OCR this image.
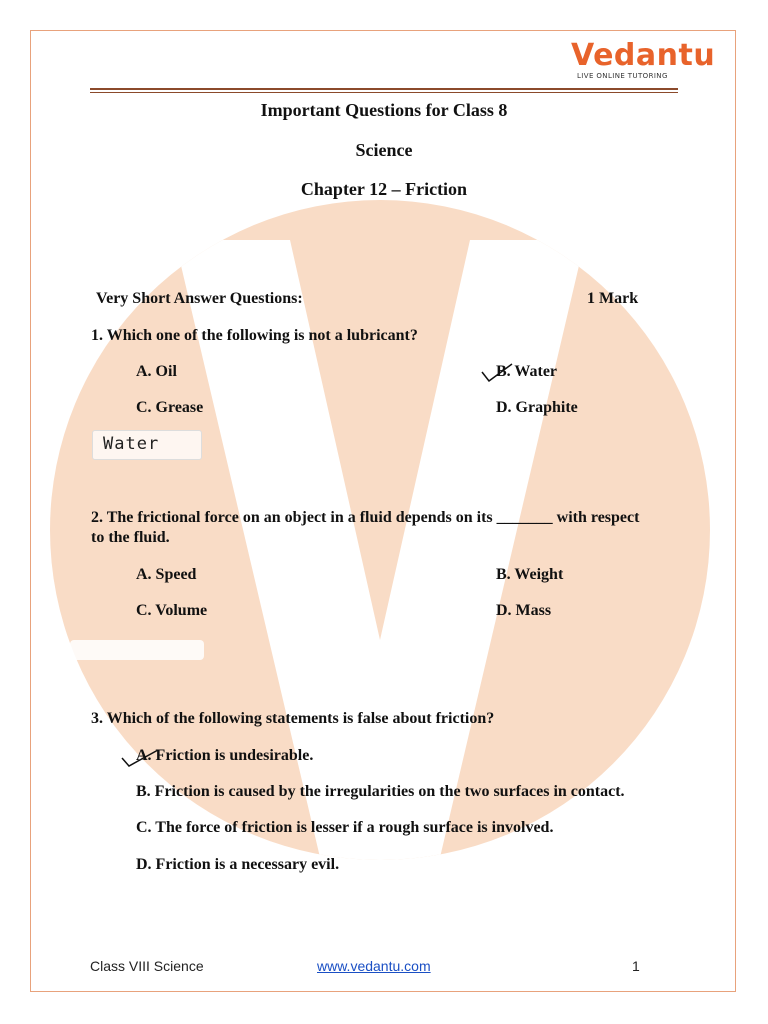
Vedantu
LIVE ONLINE TUTORING
Important Questions for Class 8
Science
Chapter 12 – Friction
Very Short Answer Questions:	1 Mark
1. Which one of the following is not a lubricant?
A. Oil	B. Water
C. Grease	D. Graphite
Water
2. The frictional force on an object in a fluid depends on its _______ with respect
to the fluid.
A. Speed	B. Weight
C. Volume	D. Mass
3. Which of the following statements is false about friction?
A. Friction is undesirable.
B. Friction is caused by the irregularities on the two surfaces in contact.
C. The force of friction is lesser if a rough surface is involved.
D. Friction is a necessary evil.
Class VIII Science	www.vedantu.com	1
